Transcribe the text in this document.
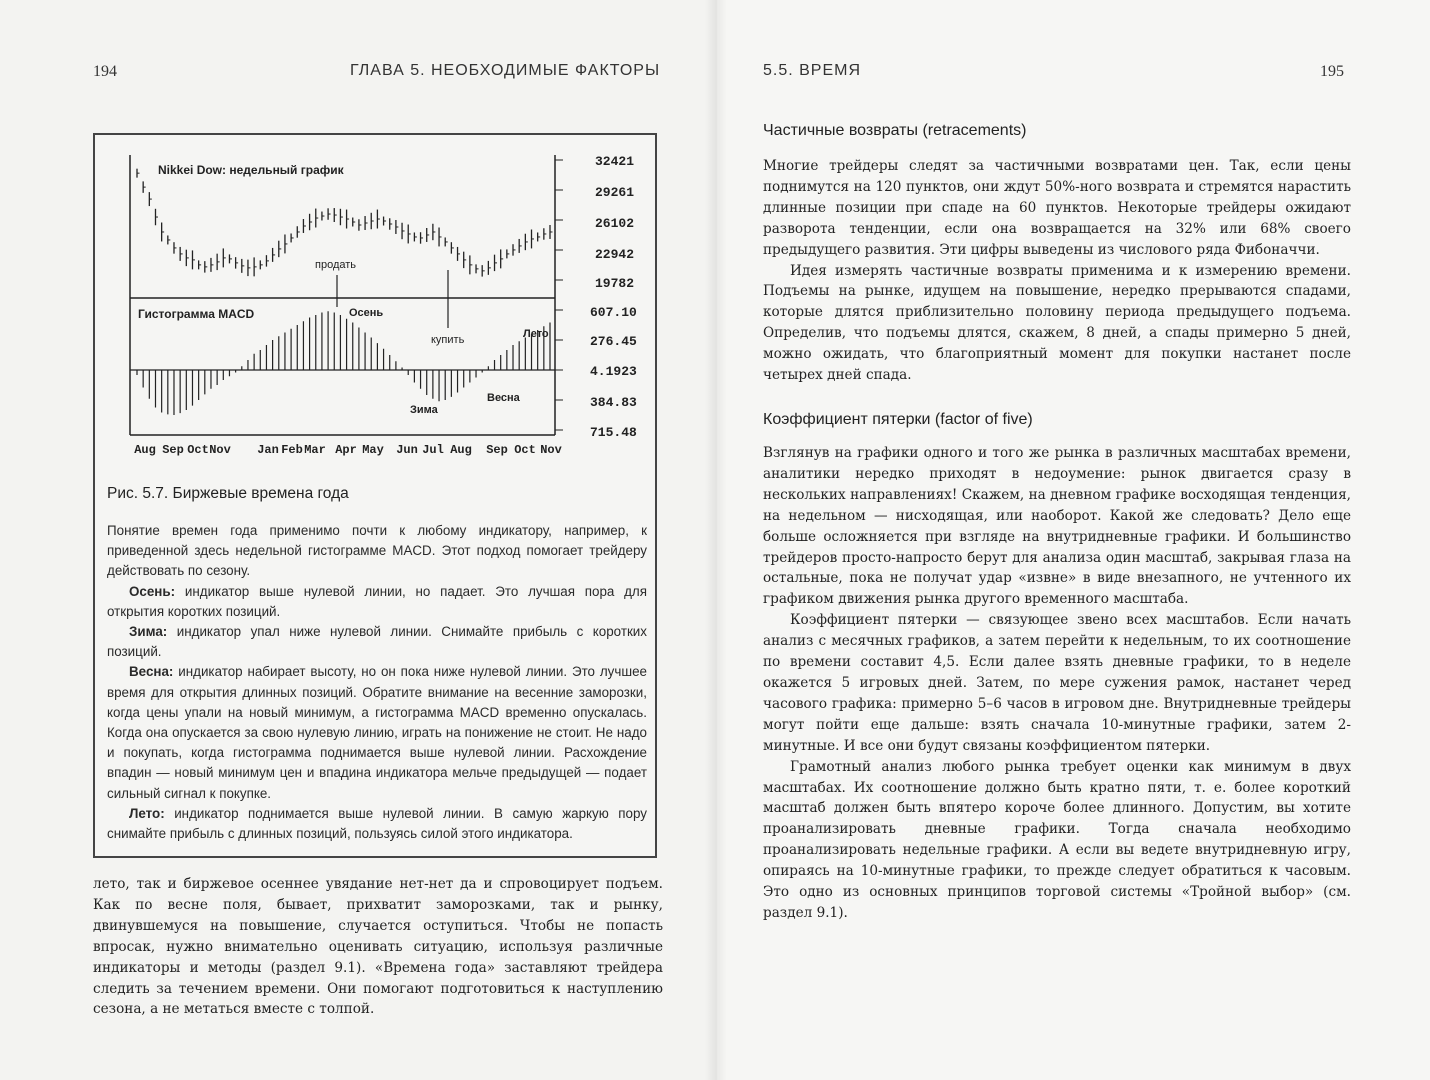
194	ГЛАВА 5. НЕОБХОДИМЫЕ ФАКТОРЫ
Nikkei Dow: недельный график
Гистограмма MACD
32421
29261
26102
22942
19782
607.10
276.45
4.1923
384.83
715.48
Aug Sep Oct Nov Jan Feb Mar Apr May Jun Jul Aug Sep Oct Nov
продать
Осень
купить	Лето
Зима
Весна
Рис. 5.7. Биржевые времена года

Понятие времен года применимо почти к любому индикатору, например, к приведенной здесь недельной гистограмме MACD. Этот подход помогает трейдеру действовать по сезону.

Осень: индикатор выше нулевой линии, но падает. Это лучшая пора для открытия коротких позиций.

Зима: индикатор упал ниже нулевой линии. Снимайте прибыль с коротких позиций.

Весна: индикатор набирает высоту, но он пока ниже нулевой линии. Это лучшее время для открытия длинных позиций. Обратите внимание на весенние заморозки, когда цены упали на новый минимум, а гистограмма MACD временно опускалась. Когда она опускается за свою нулевую линию, играть на понижение не стоит. Не надо и покупать, когда гистограмма поднимается выше нулевой линии. Расхождение впадин — новый минимум цен и впадина индикатора мельче предыдущей — подает сильный сигнал к покупке.

Лето: индикатор поднимается выше нулевой линии. В самую жаркую пору снимайте прибыль с длинных позиций, пользуясь силой этого индикатора.

лето, так и биржевое осеннее увядание нет-нет да и спровоцирует подъем. Как по весне поля, бывает, прихватит заморозками, так и рынку, двинувшемуся на повышение, случается оступиться. Чтобы не попасть впросак, нужно внимательно оценивать ситуацию, используя различные индикаторы и методы (раздел 9.1). «Времена года» заставляют трейдера следить за течением времени. Они помогают подготовиться к наступлению сезона, а не метаться вместе с толпой.

5.5. ВРЕМЯ	195
Частичные возвраты (retracements)

Многие трейдеры следят за частичными возвратами цен. Так, если цены поднимутся на 120 пунктов, они ждут 50%-ного возврата и стремятся нарастить длинные позиции при спаде на 60 пунктов. Некоторые трейдеры ожидают разворота тенденции, если она возвращается на 32% или 68% своего предыдущего развития. Эти цифры выведены из числового ряда Фибоначчи.

Идея измерять частичные возвраты применима и к измерению времени. Подъемы на рынке, идущем на повышение, нередко прерываются спадами, которые длятся приблизительно половину периода предыдущего подъема. Определив, что подъемы длятся, скажем, 8 дней, а спады примерно 5 дней, можно ожидать, что благоприятный момент для покупки настанет после четырех дней спада.

Коэффициент пятерки (factor of five)

Взглянув на графики одного и того же рынка в различных масштабах времени, аналитики нередко приходят в недоумение: рынок двигается сразу в нескольких направлениях! Скажем, на дневном графике восходящая тенденция, на недельном — нисходящая, или наоборот. Какой же следовать? Дело еще больше осложняется при взгляде на внутридневные графики. И большинство трейдеров просто-напросто берут для анализа один масштаб, закрывая глаза на остальные, пока не получат удар «извне» в виде внезапного, не учтенного их графиком движения рынка другого временного масштаба.

Коэффициент пятерки — связующее звено всех масштабов. Если начать анализ с месячных графиков, а затем перейти к недельным, то их соотношение по времени составит 4,5. Если далее взять дневные графики, то в неделе окажется 5 игровых дней. Затем, по мере сужения рамок, настанет черед часового графика: примерно 5–6 часов в игровом дне. Внутридневные трейдеры могут пойти еще дальше: взять сначала 10-минутные графики, затем 2-минутные. И все они будут связаны коэффициентом пятерки.

Грамотный анализ любого рынка требует оценки как минимум в двух масштабах. Их соотношение должно быть кратно пяти, т. е. более короткий масштаб должен быть впятеро короче более длинного. Допустим, вы хотите проанализировать дневные графики. Тогда сначала необходимо проанализировать недельные графики. А если вы ведете внутридневную игру, опираясь на 10-минутные графики, то прежде следует обратиться к часовым. Это одно из основных принципов торговой системы «Тройной выбор» (см. раздел 9.1).
